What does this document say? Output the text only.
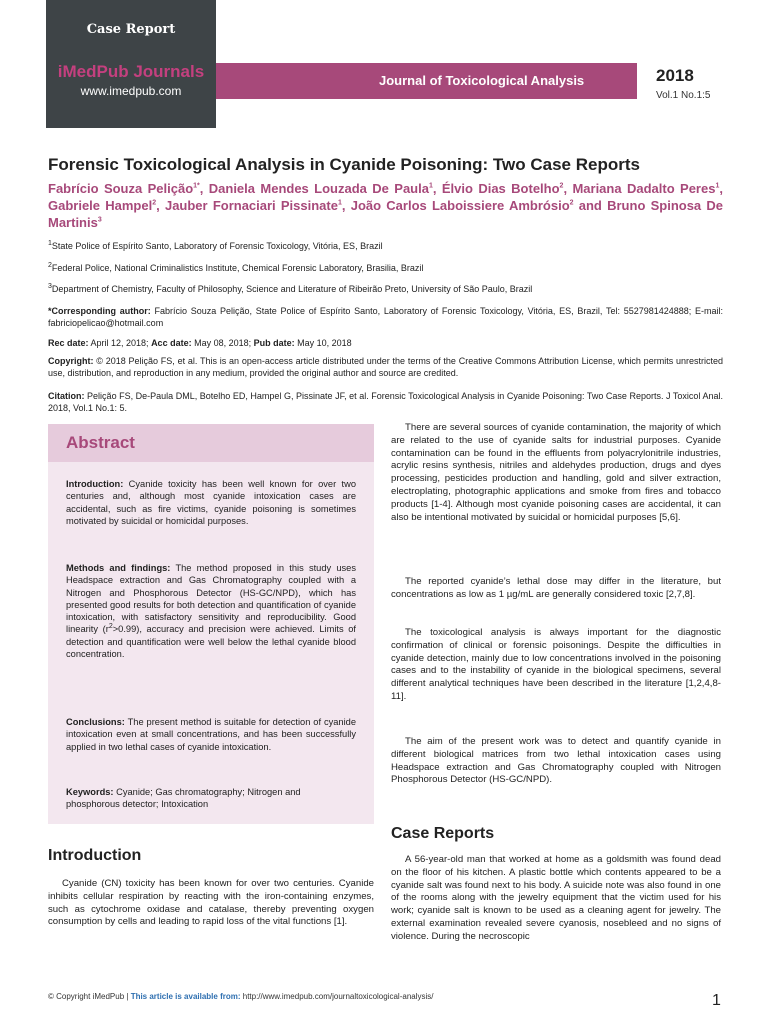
Case Report
iMedPub Journals
www.imedpub.com
Journal of Toxicological Analysis	2018
Vol.1 No.1:5
Forensic Toxicological Analysis in Cyanide Poisoning: Two Case Reports
Fabrício Souza Pelição$^{1*}$, Daniela Mendes Louzada De Paula$^1$, Élvio Dias Botelho$^2$, Mariana Dadalto Peres$^1$, Gabriele Hampel$^2$, Jauber Fornaciari Pissinate$^1$, João Carlos Laboissiere Ambrósio$^2$ and Bruno Spinosa De Martinis$^3$
$^1$State Police of Espírito Santo, Laboratory of Forensic Toxicology, Vitória, ES, Brazil
$^2$Federal Police, National Criminalistics Institute, Chemical Forensic Laboratory, Brasilia, Brazil
$^3$Department of Chemistry, Faculty of Philosophy, Science and Literature of Ribeirão Preto, University of São Paulo, Brazil
*Corresponding author: Fabrício Souza Pelição, State Police of Espírito Santo, Laboratory of Forensic Toxicology, Vitória, ES, Brazil, Tel: 5527981424888; E-mail: fabriciopelicao@hotmail.com
Rec date: April 12, 2018; Acc date: May 08, 2018; Pub date: May 10, 2018
Copyright: © 2018 Pelição FS, et al. This is an open-access article distributed under the terms of the Creative Commons Attribution License, which permits unrestricted use, distribution, and reproduction in any medium, provided the original author and source are credited.
Citation: Pelição FS, De-Paula DML, Botelho ED, Hampel G, Pissinate JF, et al. Forensic Toxicological Analysis in Cyanide Poisoning: Two Case Reports. J Toxicol Anal. 2018, Vol.1 No.1: 5.
Abstract
Introduction: Cyanide toxicity has been well known for over two centuries and, although most cyanide intoxication cases are accidental, such as fire victims, cyanide poisoning is sometimes motivated by suicidal or homicidal purposes.
Methods and findings: The method proposed in this study uses Headspace extraction and Gas Chromatography coupled with a Nitrogen and Phosphorous Detector (HS-GC/NPD), which has presented good results for both detection and quantification of cyanide intoxication, with satisfactory sensitivity and reproducibility. Good linearity $(r^2>0.99)$, accuracy and precision were achieved. Limits of detection and quantification were well below the lethal cyanide blood concentration.
Conclusions: The present method is suitable for detection of cyanide intoxication even at small concentrations, and has been successfully applied in two lethal cases of cyanide intoxication.
Keywords: Cyanide; Gas chromatography; Nitrogen and phosphorous detector; Intoxication
Introduction
Cyanide (CN) toxicity has been known for over two centuries. Cyanide inhibits cellular respiration by reacting with the iron-containing enzymes, such as cytochrome oxidase and catalase, thereby preventing oxygen consumption by cells and leading to rapid loss of the vital functions [1].
There are several sources of cyanide contamination, the majority of which are related to the use of cyanide salts for industrial purposes. Cyanide contamination can be found in the effluents from polyacrylonitrile industries, acrylic resins synthesis, nitriles and aldehydes production, drugs and dyes processing, pesticides production and handling, gold and silver extraction, electroplating, photographic applications and smoke from fires and tobacco products [1-4]. Although most cyanide poisoning cases are accidental, it can also be intentional motivated by suicidal or homicidal purposes [5,6].
The reported cyanide’s lethal dose may differ in the literature, but concentrations as low as 1 µg/mL are generally considered toxic [2,7,8].
The toxicological analysis is always important for the diagnostic confirmation of clinical or forensic poisonings. Despite the difficulties in cyanide detection, mainly due to low concentrations involved in the poisoning cases and to the instability of cyanide in the biological specimens, several different analytical techniques have been described in the literature [1,2,4,8-11].
The aim of the present work was to detect and quantify cyanide in different biological matrices from two lethal intoxication cases using Headspace extraction and Gas Chromatography coupled with Nitrogen Phosphorous Detector (HS-GC/NPD).
Case Reports
A 56-year-old man that worked at home as a goldsmith was found dead on the floor of his kitchen. A plastic bottle which contents appeared to be a cyanide salt was found next to his body. A suicide note was also found in one of the rooms along with the jewelry equipment that the victim used for his work; cyanide salt is known to be used as a cleaning agent for jewelry. The external examination revealed severe cyanosis, nosebleed and no signs of violence. During the necroscopic
© Copyright iMedPub | This article is available from: http://www.imedpub.com/journaltoxicological-analysis/	1
